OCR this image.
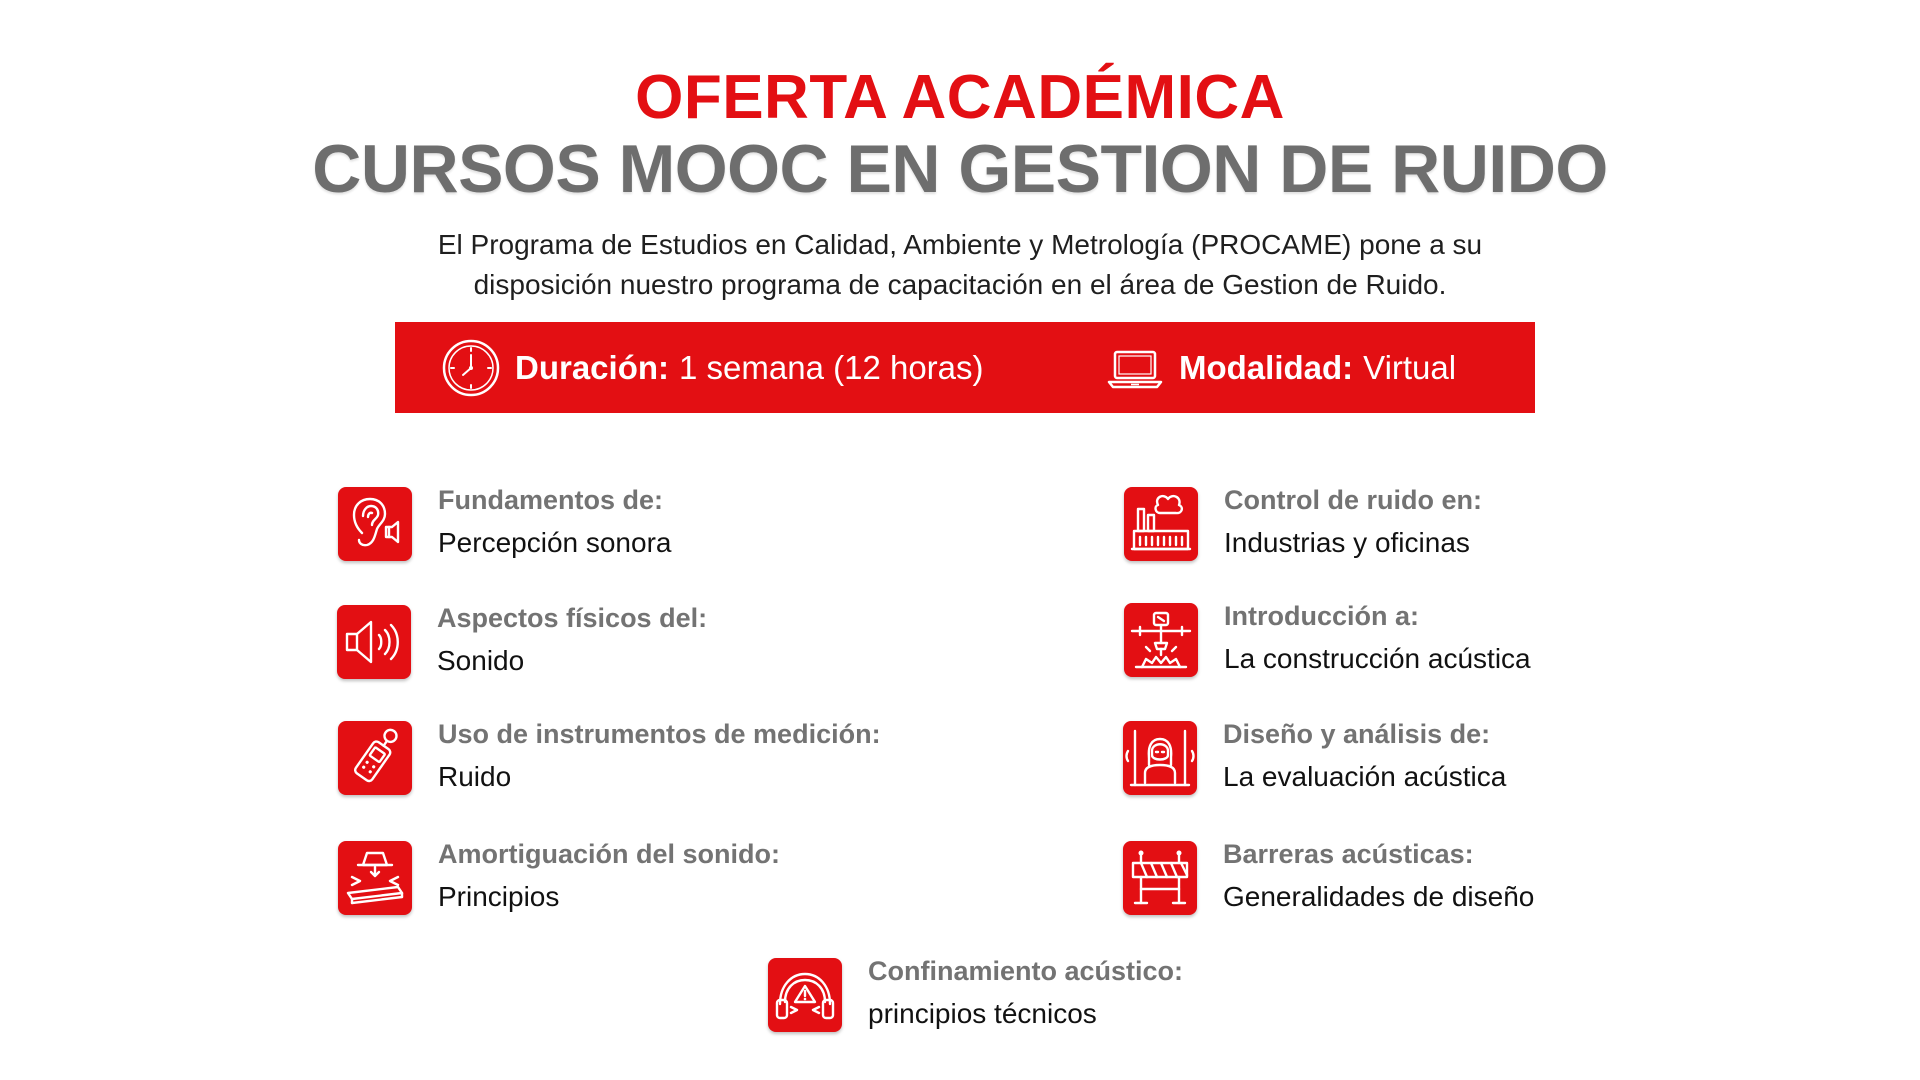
OFERTA ACADÉMICA
CURSOS MOOC EN GESTION DE RUIDO
El Programa de Estudios en Calidad, Ambiente y Metrología (PROCAME) pone a su
disposición nuestro programa de capacitación en el área de Gestion de Ruido.
Duración: 1 semana (12 horas)	Modalidad: Virtual
Fundamentos de:
Percepción sonora
Aspectos físicos del:
Sonido
Uso de instrumentos de medición:
Ruido
Amortiguación del sonido:
Principios
Control de ruido en:
Industrias y oficinas
Introducción a:
La construcción acústica
Diseño y análisis de:
La evaluación acústica
Barreras acústicas:
Generalidades de diseño
Confinamiento acústico:
principios técnicos
